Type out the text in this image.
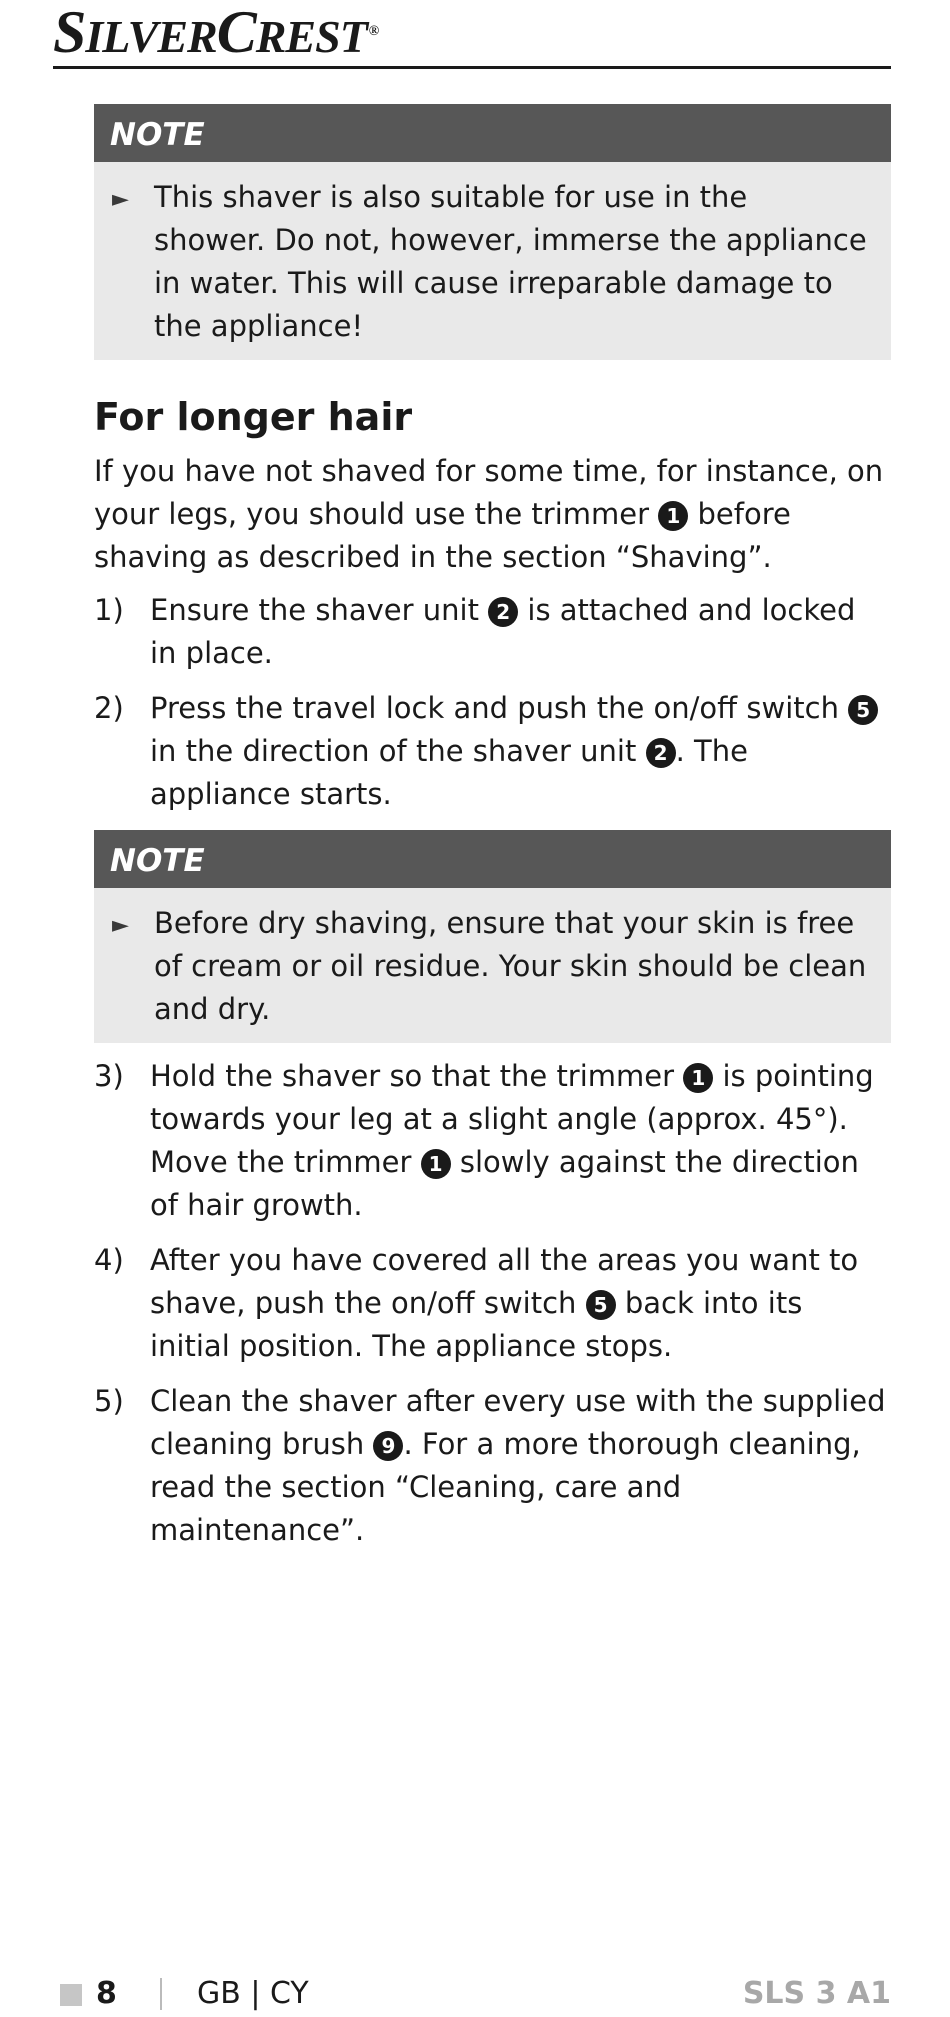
SILVERCREST ®
NOTE
► This shaver is also suitable for use in the shower. Do not, however, immerse the appliance in water. This will cause irreparable damage to the appliance!
For longer hair

If you have not shaved for some time, for instance, on your legs, you should use the trimmer 1 before shaving as described in the section “Shaving”.

1) Ensure the shaver unit 2 is attached and locked in place.
2) Press the travel lock and push the on/off switch 5 in the direction of the shaver unit 2 . The appliance starts.
NOTE
► Before dry shaving, ensure that your skin is free of cream or oil residue. Your skin should be clean and dry.
3) Hold the shaver so that the trimmer 1 is pointing towards your leg at a slight angle (approx. 45°). Move the trimmer 1 slowly against the direction of hair growth.
4) After you have covered all the areas you want to shave, push the on/off switch 5 back into its initial position. The appliance stops.
5) Clean the shaver after every use with the supplied cleaning brush 9 . For a more thorough cleaning, read the section “Cleaning, care and maintenance”.
8	GB | CY	SLS 3 A1
